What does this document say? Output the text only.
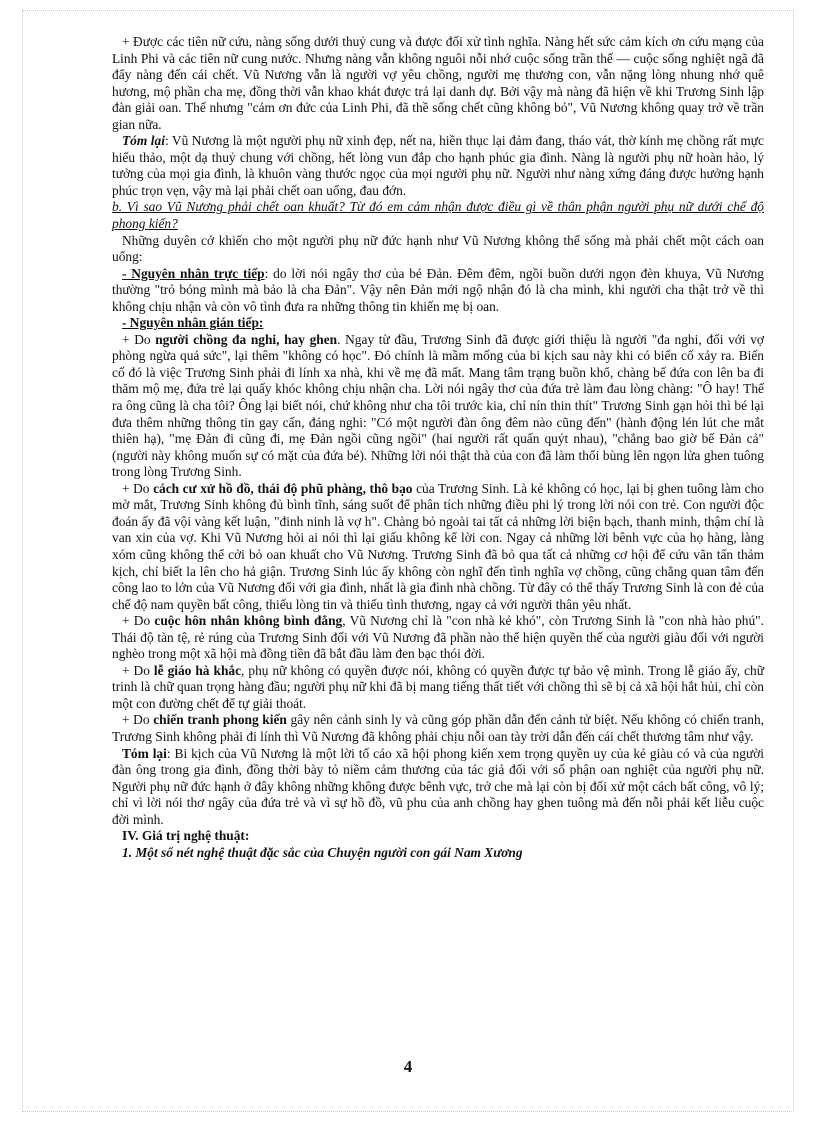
+ Được các tiên nữ cứu, nàng sống dưới thuỷ cung và được đối xử tình nghĩa. Nàng hết sức cảm kích ơn cứu mạng của Linh Phi và các tiên nữ cung nước. Nhưng nàng vẫn không nguôi nỗi nhớ cuộc sống trần thế — cuộc sống nghiệt ngã đã đẩy nàng đến cái chết. Vũ Nương vẫn là người vợ yêu chồng, người mẹ thương con, vẫn nặng lòng nhung nhớ quê hương, mộ phần cha mẹ, đồng thời vẫn khao khát được trả lại danh dự. Bởi vậy mà nàng đã hiện về khi Trương Sinh lập đàn giải oan. Thế nhưng "cảm ơn đức của Linh Phi, đã thề sống chết cũng không bỏ", Vũ Nương không quay trở về trần gian nữa.

Tóm lại: Vũ Nương là một người phụ nữ xinh đẹp, nết na, hiền thục lại đảm đang, tháo vát, thờ kính mẹ chồng rất mực hiếu thảo, một dạ thuỷ chung với chồng, hết lòng vun đắp cho hạnh phúc gia đình. Nàng là người phụ nữ hoàn hảo, lý tưởng của mọi gia đình, là khuôn vàng thước ngọc của mọi người phụ nữ. Người như nàng xứng đáng được hưởng hạnh phúc trọn vẹn, vậy mà lại phải chết oan uổng, đau đớn.

b. Vì sao Vũ Nương phải chết oan khuất? Từ đó em cảm nhận được điều gì về thân phận người phụ nữ dưới chế độ phong kiến?

Những duyên cớ khiến cho một người phụ nữ đức hạnh như Vũ Nương không thể sống mà phải chết một cách oan uổng:

- Nguyên nhân trực tiếp: do lời nói ngây thơ của bé Đản. Đêm đêm, ngồi buồn dưới ngọn đèn khuya, Vũ Nương thường "trỏ bóng mình mà bảo là cha Đản". Vậy nên Đản mới ngộ nhận đó là cha mình, khi người cha thật trở về thì không chịu nhận và còn vô tình đưa ra những thông tin khiến mẹ bị oan.

- Nguyên nhân gián tiếp:

+ Do người chồng đa nghi, hay ghen. Ngay từ đầu, Trương Sinh đã được giới thiệu là người "đa nghi, đối với vợ phòng ngừa quá sức", lại thêm "không có học". Đó chính là mầm mống của bi kịch sau này khi có biến cố xảy ra. Biến cố đó là việc Trương Sinh phải đi lính xa nhà, khi về mẹ đã mất. Mang tâm trạng buồn khổ, chàng bế đứa con lên ba đi thăm mộ mẹ, đứa trẻ lại quấy khóc không chịu nhận cha. Lời nói ngây thơ của đứa trẻ làm đau lòng chàng: "Ô hay! Thế ra ông cũng là cha tôi? Ông lại biết nói, chứ không như cha tôi trước kia, chỉ nín thin thít" Trương Sinh gạn hỏi thì bé lại đưa thêm những thông tin gay cấn, đáng nghi: "Có một người đàn ông đêm nào cũng đến" (hành động lén lút che mắt thiên hạ), "mẹ Đản đi cũng đi, mẹ Đản ngồi cũng ngồi" (hai người rất quấn quýt nhau), "chẳng bao giờ bế Đản cả" (người này không muốn sự có mặt của đứa bé). Những lời nói thật thà của con đã làm thổi bùng lên ngọn lửa ghen tuông trong lòng Trương Sinh.

+ Do cách cư xử hồ đồ, thái độ phũ phàng, thô bạo của Trương Sinh. Là kẻ không có học, lại bị ghen tuông làm cho mờ mắt, Trương Sinh không đủ bình tĩnh, sáng suốt để phân tích những điều phi lý trong lời nói con trẻ. Con người độc đoán ấy đã vội vàng kết luận, "đinh ninh là vợ h". Chàng bỏ ngoài tai tất cả những lời biện bạch, thanh minh, thậm chí là van xin của vợ. Khi Vũ Nương hỏi ai nói thì lại giấu không kể lời con. Ngay cả những lời bênh vực của họ hàng, làng xóm cũng không thể cởi bỏ oan khuất cho Vũ Nương. Trương Sinh đã bỏ qua tất cả những cơ hội để cứu vãn tấn thảm kịch, chỉ biết la lên cho hả giận. Trương Sinh lúc ấy không còn nghĩ đến tình nghĩa vợ chồng, cũng chẳng quan tâm đến công lao to lớn của Vũ Nương đối với gia đình, nhất là gia đình nhà chồng. Từ đây có thể thấy Trương Sinh là con đẻ của chế độ nam quyền bất công, thiếu lòng tin và thiếu tình thương, ngay cả với người thân yêu nhất.

+ Do cuộc hôn nhân không bình đẳng, Vũ Nương chỉ là "con nhà kẻ khó", còn Trương Sinh là "con nhà hào phú". Thái độ tàn tệ, rẻ rúng của Trương Sinh đối với Vũ Nương đã phần nào thể hiện quyền thế của người giàu đối với người nghèo trong một xã hội mà đồng tiền đã bắt đầu làm đen bạc thói đời.

+ Do lễ giáo hà khắc, phụ nữ không có quyền được nói, không có quyền được tự bảo vệ mình. Trong lễ giáo ấy, chữ trinh là chữ quan trọng hàng đầu; người phụ nữ khi đã bị mang tiếng thất tiết với chồng thì sẽ bị cả xã hội hắt hủi, chỉ còn một con đường chết để tự giải thoát.

+ Do chiến tranh phong kiến gây nên cảnh sinh ly và cũng góp phần dẫn đến cảnh tử biệt. Nếu không có chiến tranh, Trương Sinh không phải đi lính thì Vũ Nương đã không phải chịu nỗi oan tày trời dẫn đến cái chết thương tâm như vậy.

Tóm lại: Bi kịch của Vũ Nương là một lời tố cáo xã hội phong kiến xem trọng quyền uy của kẻ giàu có và của người đàn ông trong gia đình, đồng thời bày tỏ niềm cảm thương của tác giả đối với số phận oan nghiệt của người phụ nữ. Người phụ nữ đức hạnh ở đây không những không được bênh vực, trở che mà lại còn bị đối xử một cách bất công, vô lý; chỉ vì lời nói thơ ngây của đứa trẻ và vì sự hồ đồ, vũ phu của anh chồng hay ghen tuông mà đến nỗi phải kết liễu cuộc đời mình.

IV. Giá trị nghệ thuật:

1. Một số nét nghệ thuật đặc sắc của Chuyện người con gái Nam Xương

4
